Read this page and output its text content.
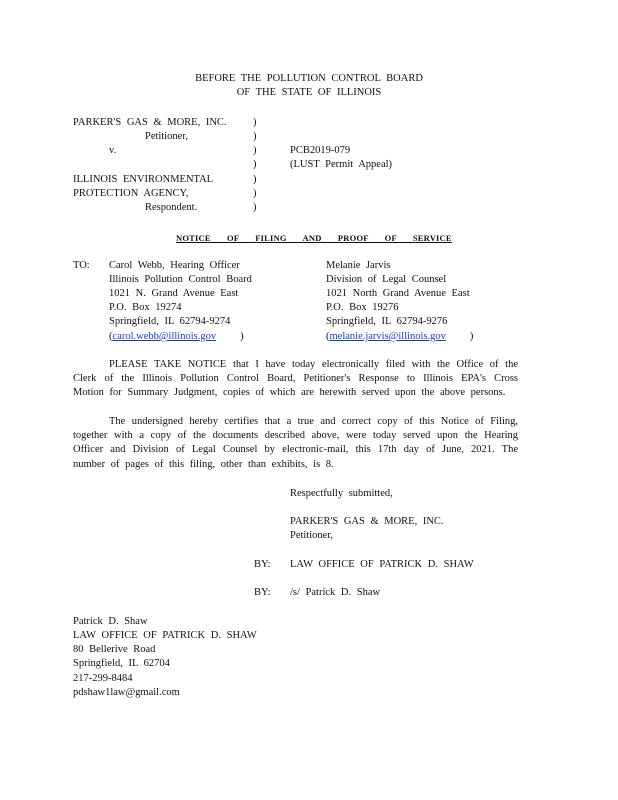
BEFORE THE POLLUTION CONTROL BOARD
OF THE STATE OF ILLINOIS
PARKER'S GAS & MORE, INC.
Petitioner,
v.
ILLINOIS ENVIRONMENTAL
PROTECTION AGENCY,
Respondent.
)
)
)
)
)
)
)
PCB2019-079
(LUST Permit Appeal)
NOTICE OF FILING AND PROOF OF SERVICE
TO: Carol Webb, Hearing Officer
Illinois Pollution Control Board
1021 N. Grand Avenue East
P.O. Box 19274
Springfield, IL 62794-9274
(carol.webb@illinois.gov )
Melanie Jarvis
Division of Legal Counsel
1021 North Grand Avenue East
P.O. Box 19276
Springfield, IL 62794-9276
(melanie.jarvis@illinois.gov )
PLEASE TAKE NOTICE that I have today electronically filed with the Office of the Clerk of the Illinois Pollution Control Board, Petitioner's Response to Illinois EPA's Cross Motion for Summary Judgment, copies of which are herewith served upon the above persons.
The undersigned hereby certifies that a true and correct copy of this Notice of Filing, together with a copy of the documents described above, were today served upon the Hearing Officer and Division of Legal Counsel by electronic-mail, this 17th day of June, 2021. The number of pages of this filing, other than exhibits, is 8.
Respectfully submitted,
PARKER'S GAS & MORE, INC.
Petitioner,
BY: LAW OFFICE OF PATRICK D. SHAW
BY: /s/ Patrick D. Shaw
Patrick D. Shaw
LAW OFFICE OF PATRICK D. SHAW
80 Bellerive Road
Springfield, IL 62704
217-299-8484
pdshaw1law@gmail.com
